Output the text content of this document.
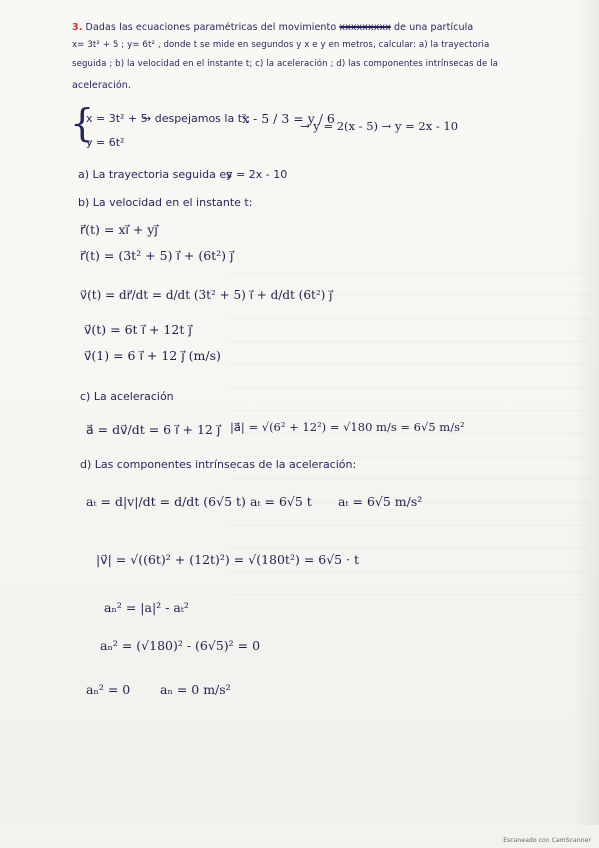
3. Dadas las ecuaciones paramétricas del movimiento xxxxxxxxx de una partícula
x= 3t² + 5 ; y= 6t² , donde t se mide en segundos y x e y en metros, calcular: a) la trayectoria
seguida ; b) la velocidad en el instante t; c) la aceleración ; d) las componentes intrínsecas de la
aceleración.
{
x = 3t² + 5
y = 6t²
→ despejamos la t²:
x - 5 / 3 = y / 6
→ y = 2(x - 5) → y = 2x - 10
a) La trayectoria seguida es
y = 2x - 10
b) La velocidad en el instante t:
r⃗(t) = xi⃗ + yj⃗
r⃗(t) = (3t² + 5) i⃗ + (6t²) j⃗
v⃗(t) = dr⃗/dt = d/dt (3t² + 5) i⃗ + d/dt (6t²) j⃗
v⃗(t) = 6t i⃗ + 12t j⃗
v⃗(1) = 6 i⃗ + 12 j⃗ (m/s)
c) La aceleración
a⃗ = dv⃗/dt = 6 i⃗ + 12 j⃗ |a⃗| = √(6² + 12²) = √180 m/s = 6√5 m/s²
d) Las componentes intrínsecas de la aceleración:
aₜ = d|v|/dt = d/dt (6√5 t) aₜ = 6√5 t aₜ = 6√5 m/s²
|v⃗| = √((6t)² + (12t)²) = √(180t²) = 6√5 · t
aₙ² = |a|² - aₜ²
aₙ² = (√180)² - (6√5)² = 0
aₙ² = 0 aₙ = 0 m/s²
Escaneado con CamScanner
